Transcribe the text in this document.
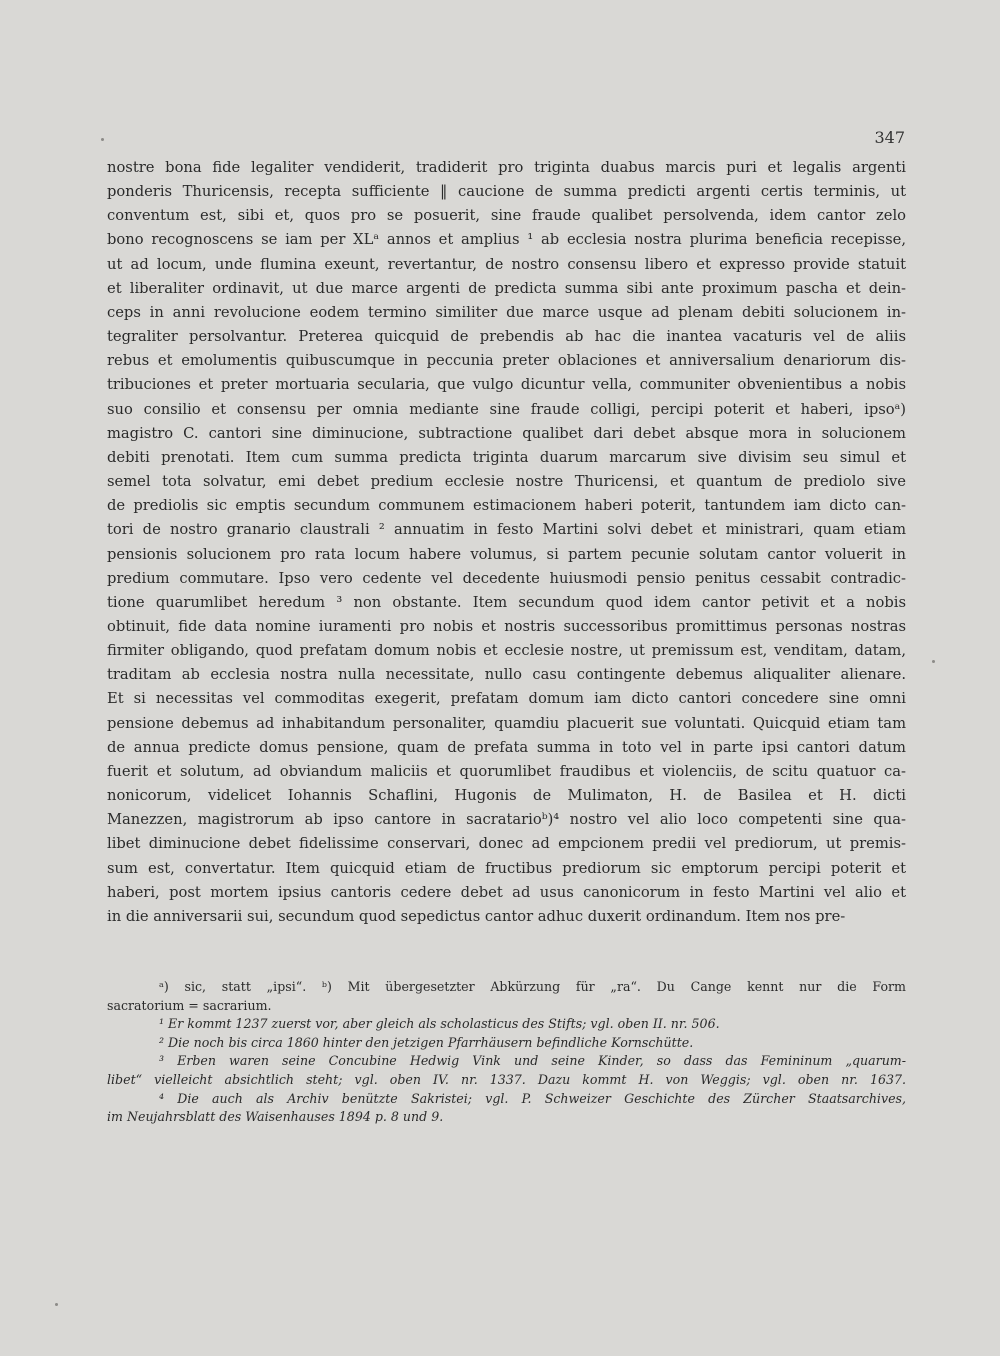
347
nostre bona fide legaliter vendiderit, tradiderit pro triginta duabus marcis puri et legalis argenti
ponderis Thuricensis, recepta sufficiente ‖ caucione de summa predicti argenti certis terminis, ut
conventum est, sibi et, quos pro se posuerit, sine fraude qualibet persolvenda, idem cantor zelo
bono recognoscens se iam per XLᵃ annos et amplius ¹ ab ecclesia nostra plurima beneficia recepisse,
ut ad locum, unde flumina exeunt, revertantur, de nostro consensu libero et expresso provide statuit
et liberaliter ordinavit, ut due marce argenti de predicta summa sibi ante proximum pascha et dein-
ceps in anni revolucione eodem termino similiter due marce usque ad plenam debiti solucionem in-
tegraliter persolvantur. Preterea quicquid de prebendis ab hac die inantea vacaturis vel de aliis
rebus et emolumentis quibuscumque in peccunia preter oblaciones et anniversalium denariorum dis-
tribuciones et preter mortuaria secularia, que vulgo dicuntur vella, communiter obvenientibus a nobis
suo consilio et consensu per omnia mediante sine fraude colligi, percipi poterit et haberi, ipsoᵃ)
magistro C. cantori sine diminucione, subtractione qualibet dari debet absque mora in solucionem
debiti prenotati. Item cum summa predicta triginta duarum marcarum sive divisim seu simul et
semel tota solvatur, emi debet predium ecclesie nostre Thuricensi, et quantum de prediolo sive
de prediolis sic emptis secundum communem estimacionem haberi poterit, tantundem iam dicto can-
tori de nostro granario claustrali ² annuatim in festo Martini solvi debet et ministrari, quam etiam
pensionis solucionem pro rata locum habere volumus, si partem pecunie solutam cantor voluerit in
predium commutare. Ipso vero cedente vel decedente huiusmodi pensio penitus cessabit contradic-
tione quarumlibet heredum ³ non obstante. Item secundum quod idem cantor petivit et a nobis
obtinuit, fide data nomine iuramenti pro nobis et nostris successoribus promittimus personas nostras
firmiter obligando, quod prefatam domum nobis et ecclesie nostre, ut premissum est, venditam, datam,
traditam ab ecclesia nostra nulla necessitate, nullo casu contingente debemus aliqualiter alienare.
Et si necessitas vel commoditas exegerit, prefatam domum iam dicto cantori concedere sine omni
pensione debemus ad inhabitandum personaliter, quamdiu placuerit sue voluntati. Quicquid etiam tam
de annua predicte domus pensione, quam de prefata summa in toto vel in parte ipsi cantori datum
fuerit et solutum, ad obviandum maliciis et quorumlibet fraudibus et violenciis, de scitu quatuor ca-
nonicorum, videlicet Iohannis Schaflini, Hugonis de Mulimaton, H. de Basilea et H. dicti
Manezzen, magistrorum ab ipso cantore in sacratarioᵇ)⁴ nostro vel alio loco competenti sine qua-
libet diminucione debet fidelissime conservari, donec ad empcionem predii vel prediorum, ut premis-
sum est, convertatur. Item quicquid etiam de fructibus prediorum sic emptorum percipi poterit et
haberi, post mortem ipsius cantoris cedere debet ad usus canonicorum in festo Martini vel alio et
in die anniversarii sui, secundum quod sepedictus cantor adhuc duxerit ordinandum. Item nos pre-
ᵃ) sic, statt „ipsi“. ᵇ) Mit übergesetzter Abkürzung für „ra“. Du Cange kennt nur die Form
sacratorium = sacrarium.
¹ Er kommt 1237 zuerst vor, aber gleich als scholasticus des Stifts; vgl. oben II. nr. 506.
² Die noch bis circa 1860 hinter den jetzigen Pfarrhäusern befindliche Kornschütte.
³ Erben waren seine Concubine Hedwig Vink und seine Kinder, so dass das Femininum „quarum-
libet“ vielleicht absichtlich steht; vgl. oben IV. nr. 1337. Dazu kommt H. von Weggis; vgl. oben nr. 1637.
⁴ Die auch als Archiv benützte Sakristei; vgl. P. Schweizer Geschichte des Zürcher Staatsarchives,
im Neujahrsblatt des Waisenhauses 1894 p. 8 und 9.
